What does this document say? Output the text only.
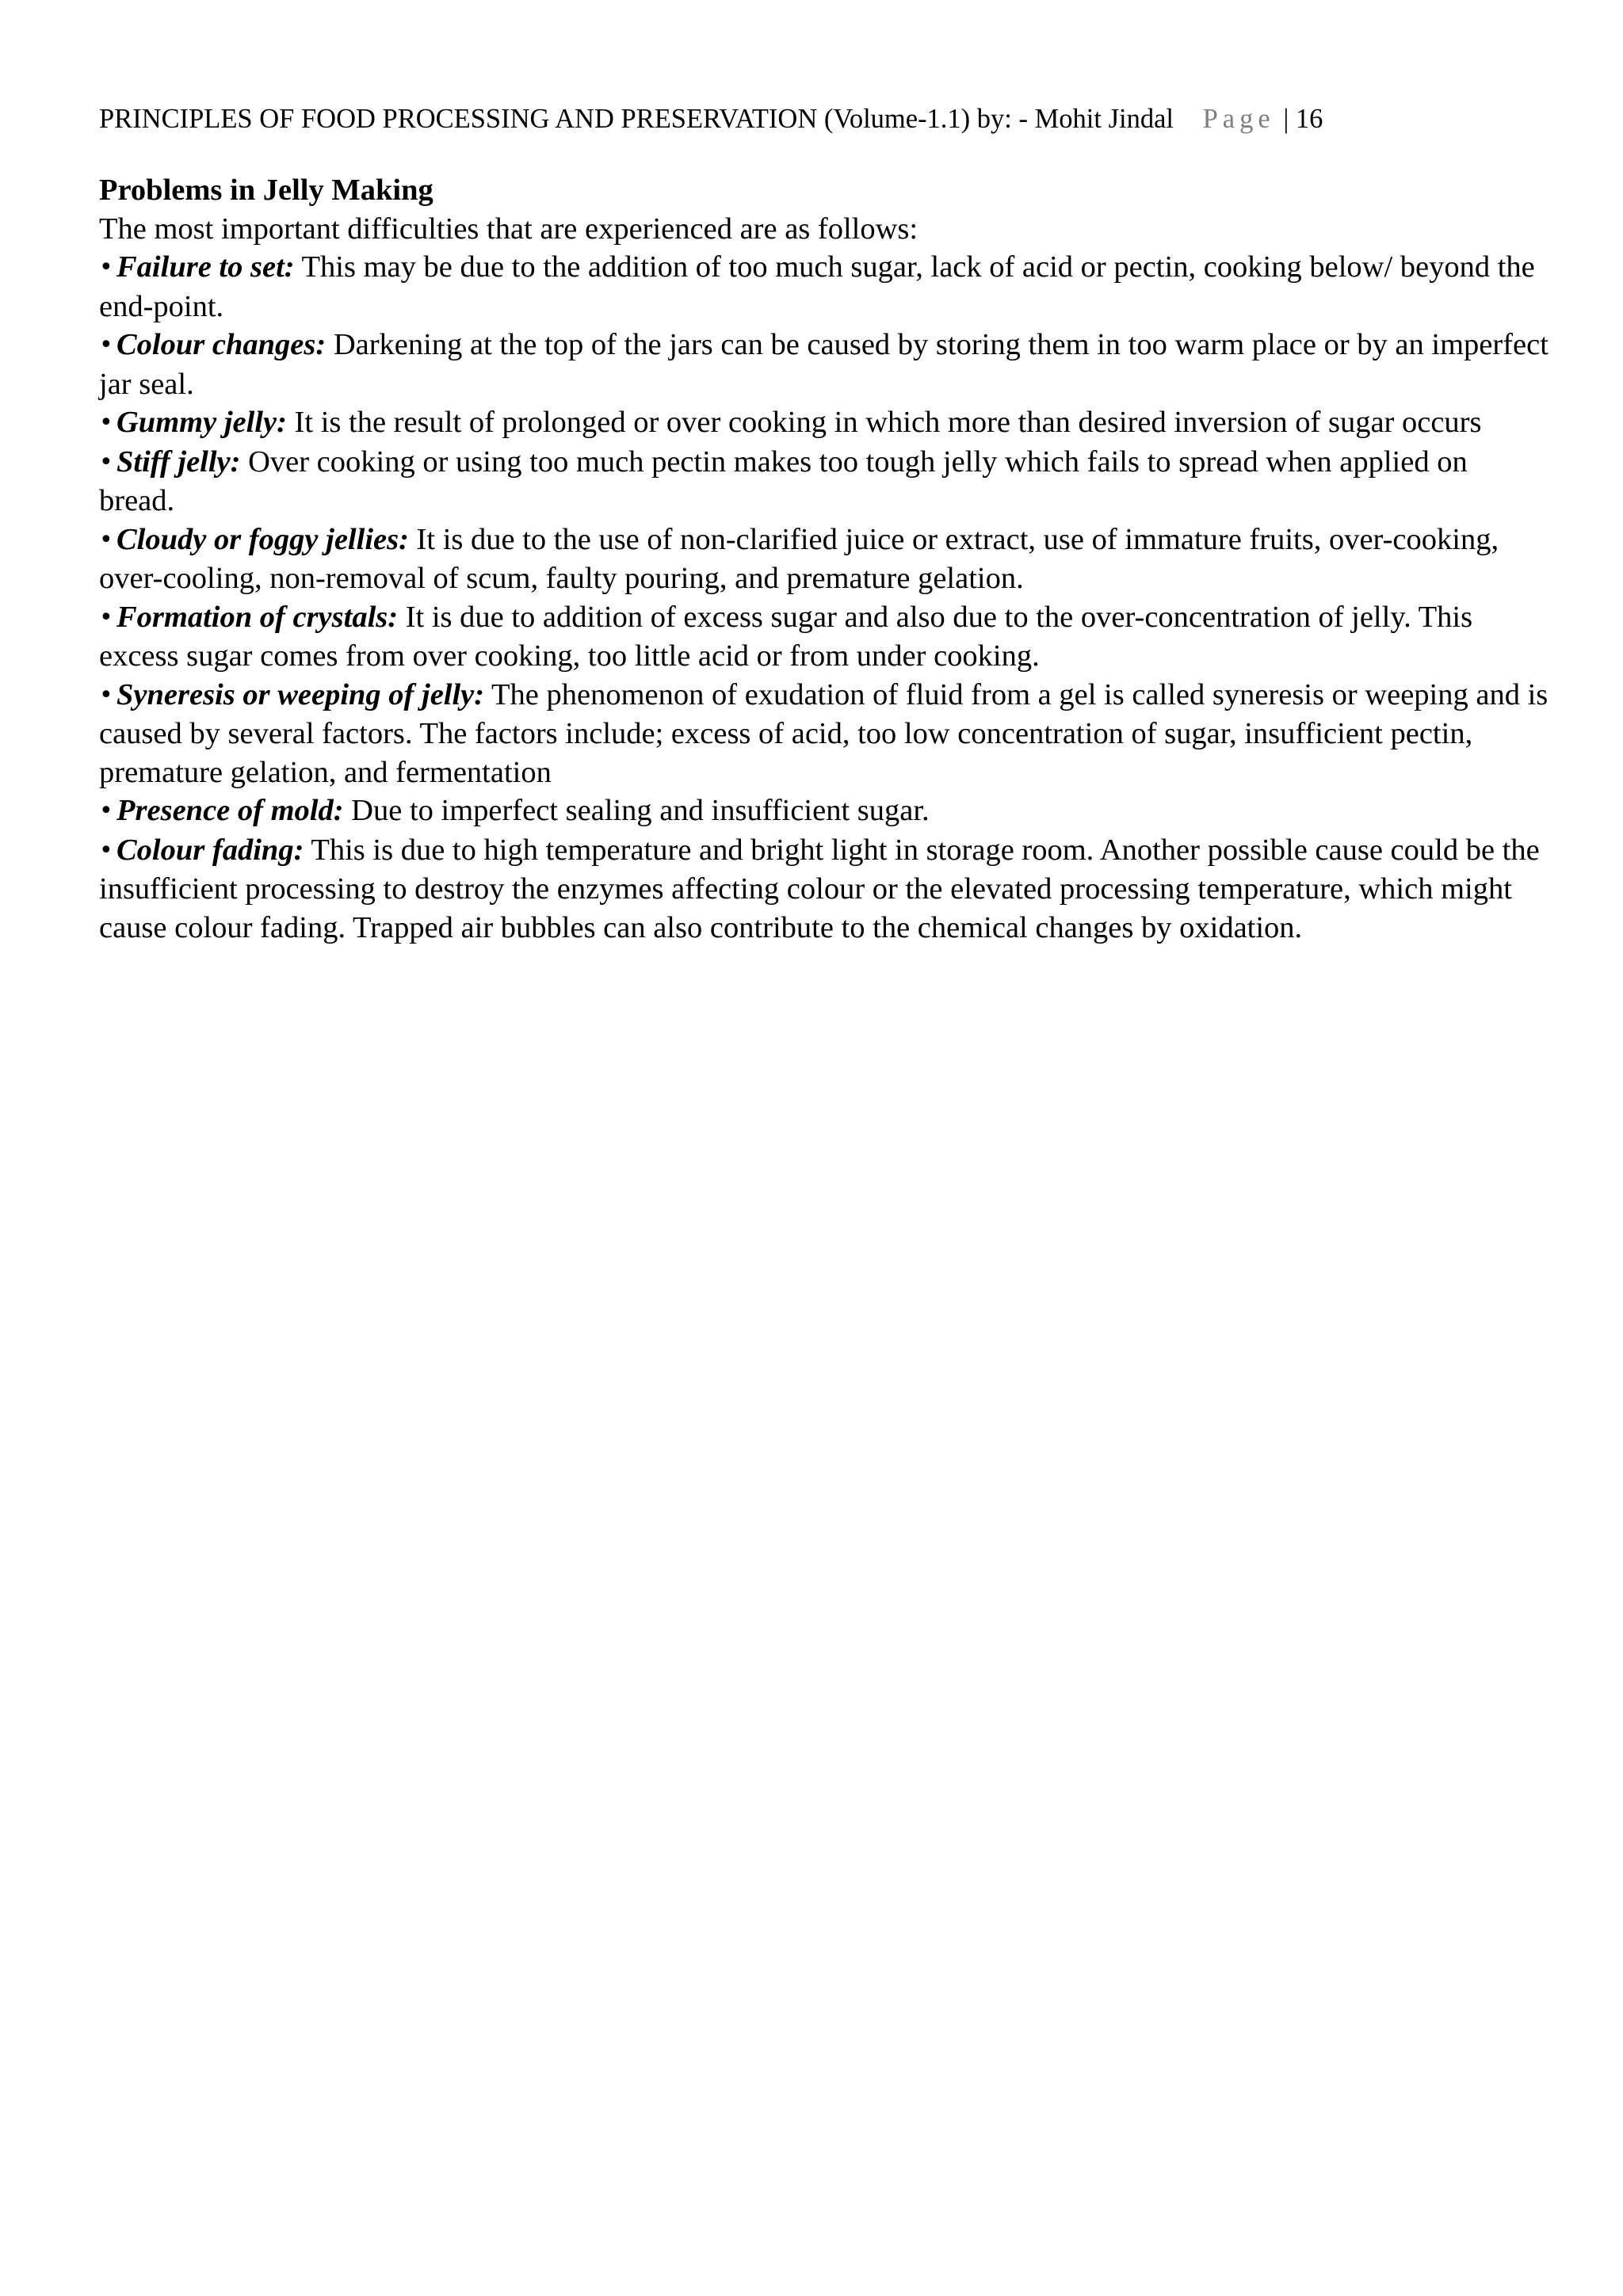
PRINCIPLES OF FOOD PROCESSING AND PRESERVATION (Volume-1.1) by: - Mohit Jindal Page | 16

Problems in Jelly Making

The most important difficulties that are experienced are as follows:

• Failure to set: This may be due to the addition of too much sugar, lack of acid or pectin, cooking below/ beyond the end-point.
• Colour changes: Darkening at the top of the jars can be caused by storing them in too warm place or by an imperfect jar seal.
• Gummy jelly: It is the result of prolonged or over cooking in which more than desired inversion of sugar occurs
• Stiff jelly: Over cooking or using too much pectin makes too tough jelly which fails to spread when applied on bread.
• Cloudy or foggy jellies: It is due to the use of non-clarified juice or extract, use of immature fruits, over-cooking, over-cooling, non-removal of scum, faulty pouring, and premature gelation.
• Formation of crystals: It is due to addition of excess sugar and also due to the over-concentration of jelly. This excess sugar comes from over cooking, too little acid or from under cooking.
• Syneresis or weeping of jelly: The phenomenon of exudation of fluid from a gel is called syneresis or weeping and is caused by several factors. The factors include; excess of acid, too low concentration of sugar, insufficient pectin, premature gelation, and fermentation
• Presence of mold: Due to imperfect sealing and insufficient sugar.
• Colour fading: This is due to high temperature and bright light in storage room. Another possible cause could be the insufficient processing to destroy the enzymes affecting colour or the elevated processing temperature, which might cause colour fading. Trapped air bubbles can also contribute to the chemical changes by oxidation.
